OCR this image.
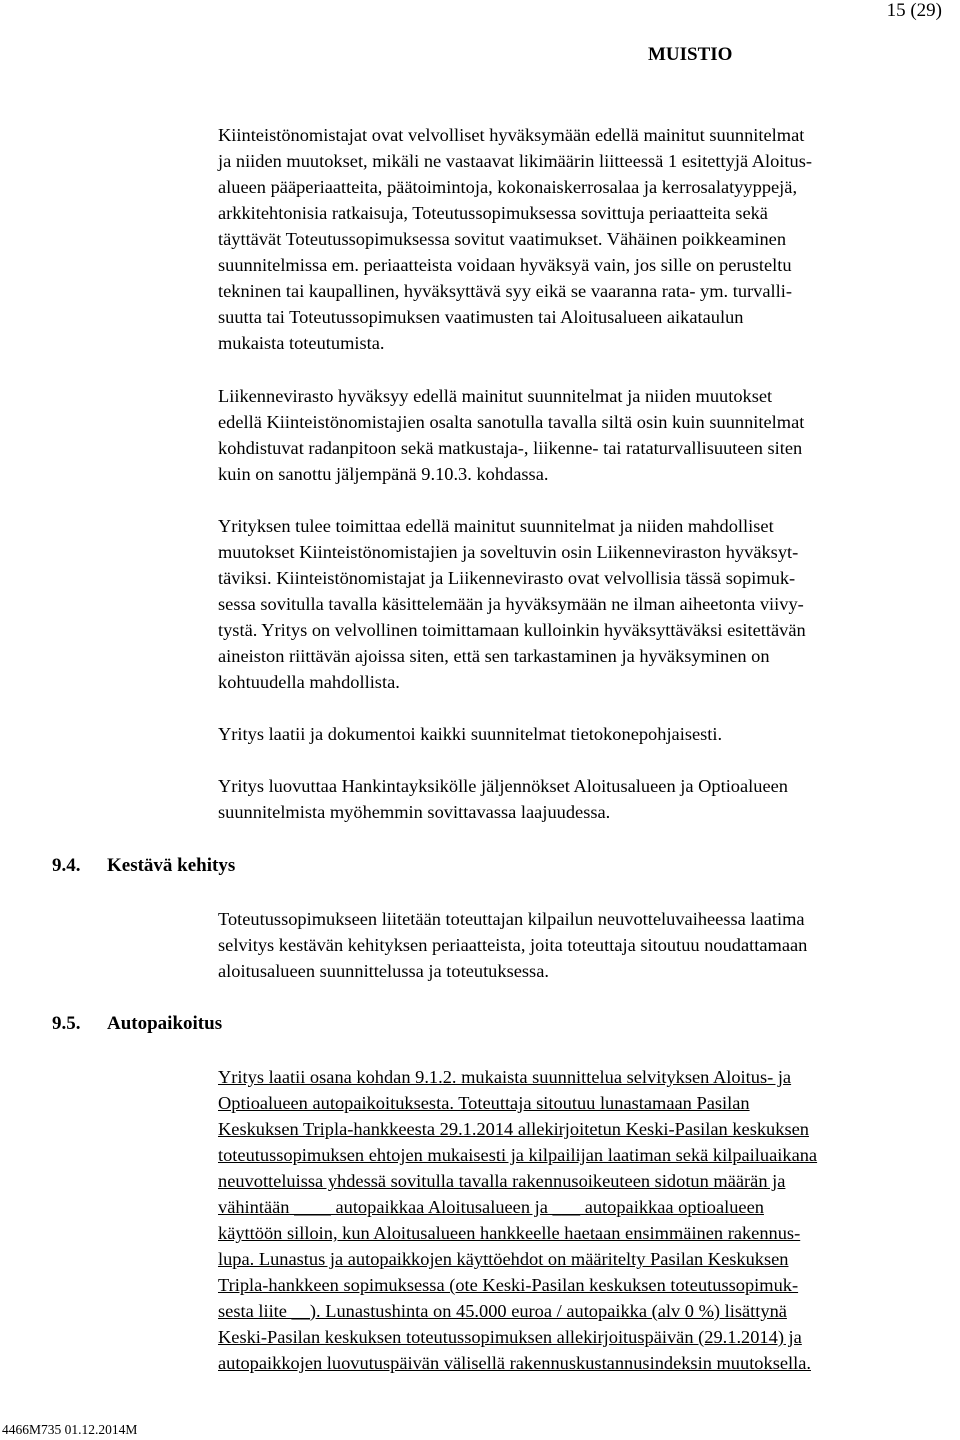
15 (29)
MUISTIO
Kiinteistönomistajat ovat velvolliset hyväksymään edellä mainitut suunnitelmat
ja niiden muutokset, mikäli ne vastaavat likimäärin liitteessä 1 esitettyjä Aloitus-
alueen pääperiaatteita, päätoimintoja, kokonaiskerrosalaa ja kerrosalatyyppejä,
arkkitehtonisia ratkaisuja, Toteutussopimuksessa sovittuja periaatteita sekä
täyttävät Toteutussopimuksessa sovitut vaatimukset. Vähäinen poikkeaminen
suunnitelmissa em. periaatteista voidaan hyväksyä vain, jos sille on perusteltu
tekninen tai kaupallinen, hyväksyttävä syy eikä se vaaranna rata- ym. turvalli-
suutta tai Toteutussopimuksen vaatimusten tai Aloitusalueen aikataulun
mukaista toteutumista.
Liikennevirasto hyväksyy edellä mainitut suunnitelmat ja niiden muutokset
edellä Kiinteistönomistajien osalta sanotulla tavalla siltä osin kuin suunnitelmat
kohdistuvat radanpitoon sekä matkustaja-, liikenne- tai rataturvallisuuteen siten
kuin on sanottu jäljempänä 9.10.3. kohdassa.
Yrityksen tulee toimittaa edellä mainitut suunnitelmat ja niiden mahdolliset
muutokset Kiinteistönomistajien ja soveltuvin osin Liikenneviraston hyväksyt-
täviksi. Kiinteistönomistajat ja Liikennevirasto ovat velvollisia tässä sopimuk-
sessa sovitulla tavalla käsittelemään ja hyväksymään ne ilman aiheetonta viivy-
tystä. Yritys on velvollinen toimittamaan kulloinkin hyväksyttäväksi esitettävän
aineiston riittävän ajoissa siten, että sen tarkastaminen ja hyväksyminen on
kohtuudella mahdollista.
Yritys laatii ja dokumentoi kaikki suunnitelmat tietokonepohjaisesti.
Yritys luovuttaa Hankintayksikölle jäljennökset Aloitusalueen ja Optioalueen
suunnitelmista myöhemmin sovittavassa laajuudessa.
9.4. Kestävä kehitys
Toteutussopimukseen liitetään toteuttajan kilpailun neuvotteluvaiheessa laatima
selvitys kestävän kehityksen periaatteista, joita toteuttaja sitoutuu noudattamaan
aloitusalueen suunnittelussa ja toteutuksessa.
9.5. Autopaikoitus
Yritys laatii osana kohdan 9.1.2. mukaista suunnittelua selvityksen Aloitus- ja
Optioalueen autopaikoituksesta. Toteuttaja sitoutuu lunastamaan Pasilan
Keskuksen Tripla-hankkeesta 29.1.2014 allekirjoitetun Keski-Pasilan keskuksen
toteutussopimuksen ehtojen mukaisesti ja kilpailijan laatiman sekä kilpailuaikana
neuvotteluissa yhdessä sovitulla tavalla rakennusoikeuteen sidotun määrän ja
vähintään ____ autopaikkaa Aloitusalueen ja ___ autopaikkaa optioalueen
käyttöön silloin, kun Aloitusalueen hankkeelle haetaan ensimmäinen rakennus-
lupa. Lunastus ja autopaikkojen käyttöehdot on määritelty Pasilan Keskuksen
Tripla-hankkeen sopimuksessa (ote Keski-Pasilan keskuksen toteutussopimuk-
sesta liite __). Lunastushinta on 45.000 euroa / autopaikka (alv 0 %) lisättynä
Keski-Pasilan keskuksen toteutussopimuksen allekirjoituspäivän (29.1.2014) ja
autopaikkojen luovutuspäivän välisellä rakennuskustannusindeksin muutoksella.
4466M735 01.12.2014M
